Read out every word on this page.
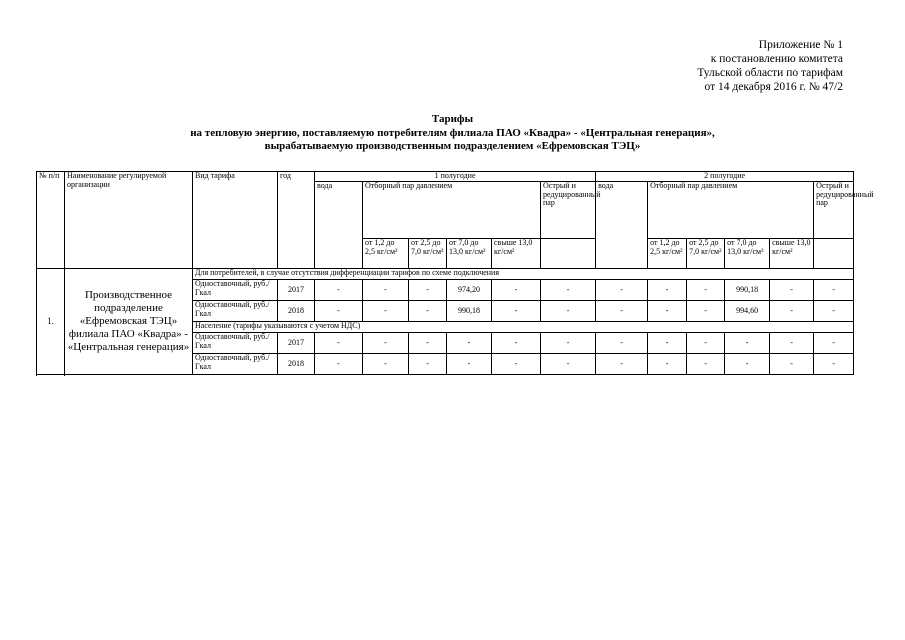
Приложение № 1
к постановлению комитета
Тульской области по тарифам
от 14 декабря 2016 г. № 47/2
Тарифы
на тепловую энергию, поставляемую потребителям филиала ПАО «Квадра» - «Центральная генерация»,
вырабатываемую производственным подразделением «Ефремовская ТЭЦ»
№ п/п	Наименование регулируемой организации	Вид тарифа	год	1 полугодие						2 полугодие					
				вода	Отборный пар давлением				Острый и редуцированный пар	вода	Отборный пар давлением				Острый и редуцированный пар
					от 1,2 до 2,5 кг/см²	от 2,5 до 7,0 кг/см²	от 7,0 до 13,0 кг/см²	свыше 13,0 кг/см²			от 1,2 до 2,5 кг/см²	от 2,5 до 7,0 кг/см²	от 7,0 до 13,0 кг/см²	свыше 13,0 кг/см²	
1.	Производственное подразделение «Ефремовская ТЭЦ» филиала ПАО «Квадра» - «Центральная генерация»	Для потребителей, в случае отсутствия дифференциации тарифов по схеме подключения													
		Одноставочный, руб./Гкал	2017	-	-	-	974,20	-	-	-	-	-	990,18	-	-
		Одноставочный, руб./Гкал	2018	-	-	-	990,18	-	-	-	-	-	994,60	-	-
		Население (тарифы указываются с учетом НДС)													
		Одноставочный, руб./Гкал	2017	-	-	-	-	-	-	-	-	-	-	-	-
		Одноставочный, руб./Гкал	2018	-	-	-	-	-	-	-	-	-	-	-	-
